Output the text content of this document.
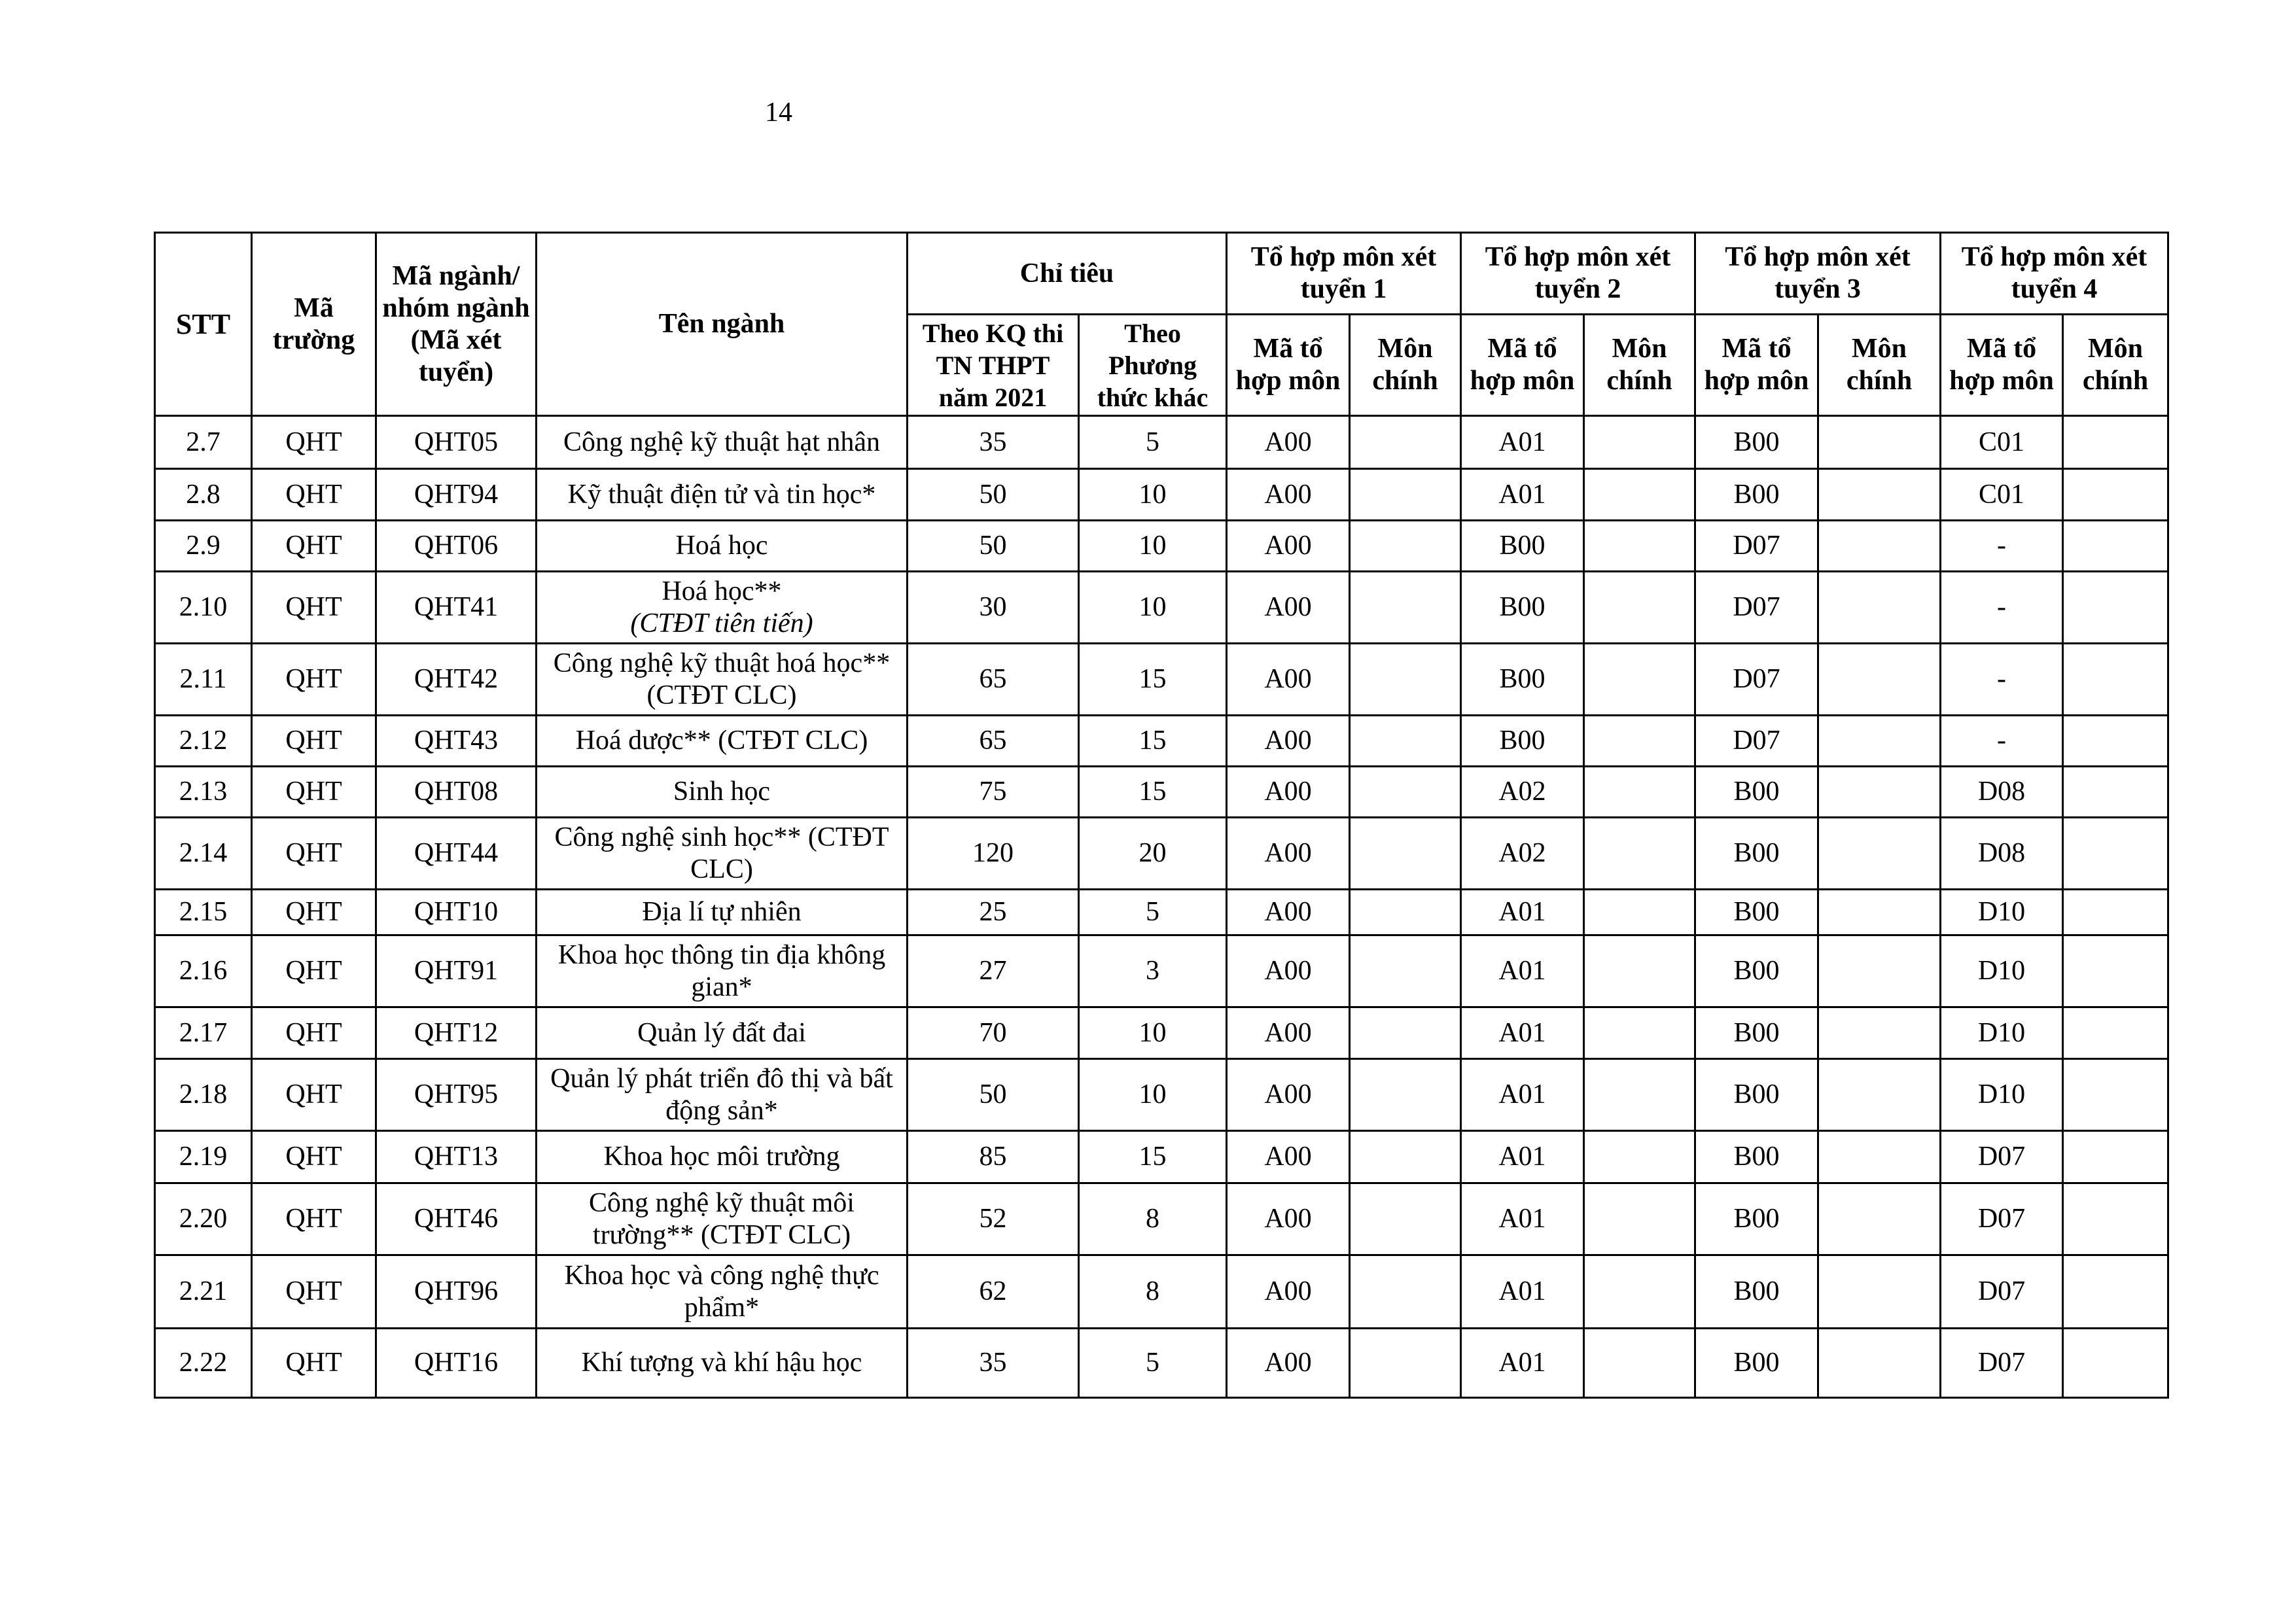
14
STT	Mã trường	Mã ngành/ nhóm ngành (Mã xét tuyển)	Tên ngành	Chỉ tiêu		Tổ hợp môn xét tuyển 1		Tổ hợp môn xét tuyển 2		Tổ hợp môn xét tuyển 3		Tổ hợp môn xét tuyển 4	
				Theo KQ thi TN THPT năm 2021	Theo Phương thức khác	Mã tổ hợp môn	Môn chính	Mã tổ hợp môn	Môn chính	Mã tổ hợp môn	Môn chính	Mã tổ hợp môn	Môn chính
2.7	QHT	QHT05	Công nghệ kỹ thuật hạt nhân	35	5	A00		A01		B00		C01	
2.8	QHT	QHT94	Kỹ thuật điện tử và tin học*	50	10	A00		A01		B00		C01	
2.9	QHT	QHT06	Hoá học	50	10	A00		B00		D07		-	
2.10	QHT	QHT41	Hoá học**
(CTĐT tiên tiến)	30	10	A00		B00		D07		-	
2.11	QHT	QHT42	Công nghệ kỹ thuật hoá học** (CTĐT CLC)	65	15	A00		B00		D07		-	
2.12	QHT	QHT43	Hoá dược** (CTĐT CLC)	65	15	A00		B00		D07		-	
2.13	QHT	QHT08	Sinh học	75	15	A00		A02		B00		D08	
2.14	QHT	QHT44	Công nghệ sinh học** (CTĐT CLC)	120	20	A00		A02		B00		D08	
2.15	QHT	QHT10	Địa lí tự nhiên	25	5	A00		A01		B00		D10	
2.16	QHT	QHT91	Khoa học thông tin địa không gian*	27	3	A00		A01		B00		D10	
2.17	QHT	QHT12	Quản lý đất đai	70	10	A00		A01		B00		D10	
2.18	QHT	QHT95	Quản lý phát triển đô thị và bất động sản*	50	10	A00		A01		B00		D10	
2.19	QHT	QHT13	Khoa học môi trường	85	15	A00		A01		B00		D07	
2.20	QHT	QHT46	Công nghệ kỹ thuật môi trường** (CTĐT CLC)	52	8	A00		A01		B00		D07	
2.21	QHT	QHT96	Khoa học và công nghệ thực phẩm*	62	8	A00		A01		B00		D07	
2.22	QHT	QHT16	Khí tượng và khí hậu học	35	5	A00		A01		B00		D07	
